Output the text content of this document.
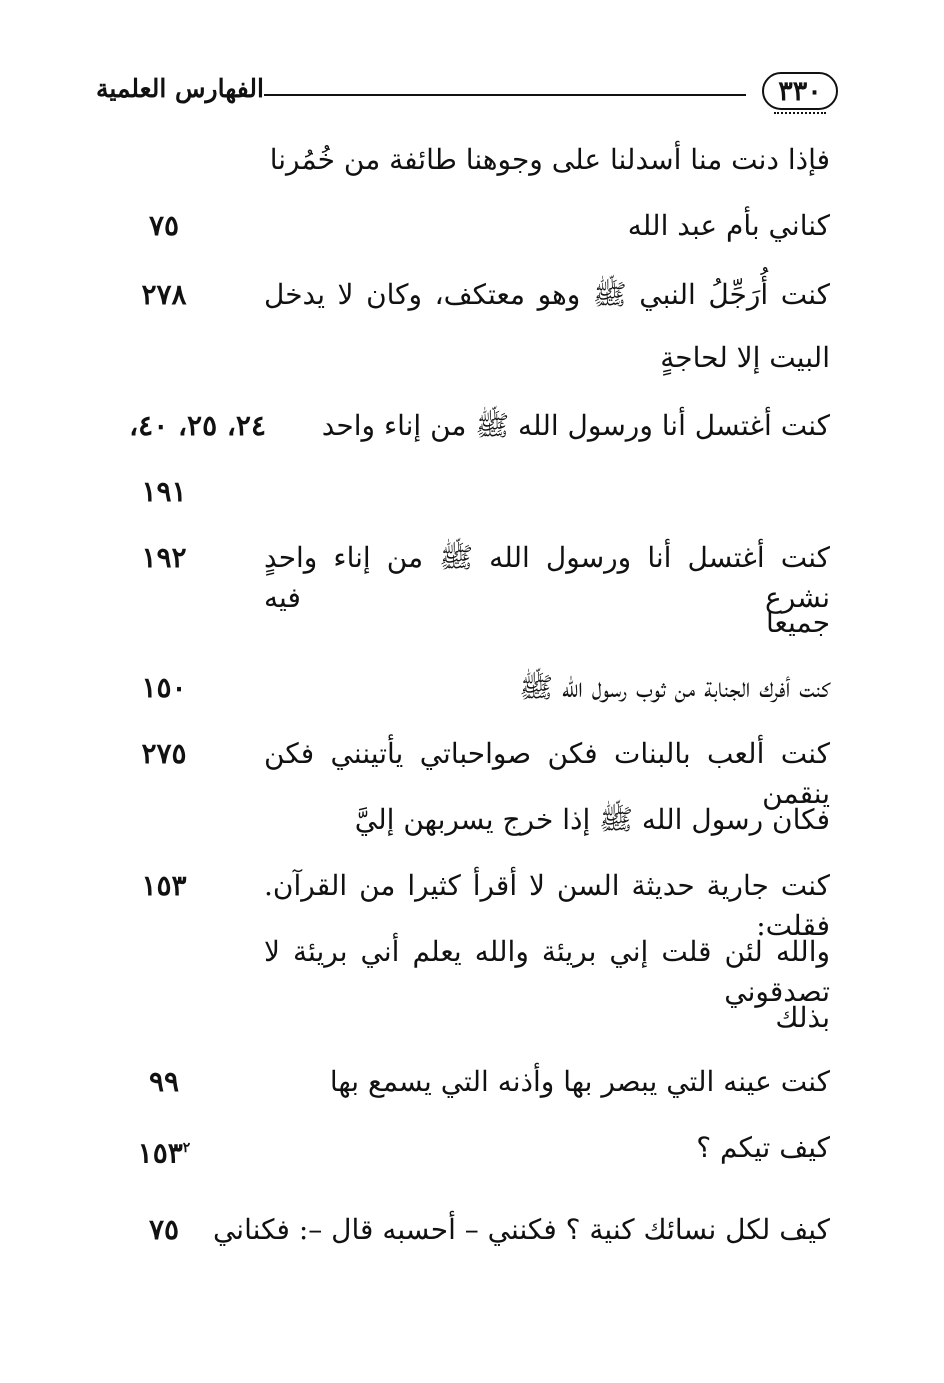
٣٣٠
الفهارس العلمية
فإذا دنت منا أسدلنا على وجوهنا طائفة من خُمُرنا
كناني بأم عبد الله
٧٥
كنت أُرَجِّلُ النبي ﷺ وهو معتكف، وكان لا يدخل
البيت إلا لحاجةٍ
٢٧٨
كنت أغتسل أنا ورسول الله ﷺ من إناء واحد
٢٤، ٢٥، ٤٠،
١٩١
كنت أغتسل أنا ورسول الله ﷺ من إناء واحدٍ نشرع فيه
جميعا
١٩٢
كنت أفرك الجنابة من ثوب رسول الله ﷺ
١٥٠
كنت ألعب بالبنات فكن صواحباتي يأتينني فكن ينقمن
فكان رسول الله ﷺ إذا خرج يسربهن إليَّ
٢٧٥
كنت جارية حديثة السن لا أقرأ كثيرا من القرآن. فقلت:
والله لئن قلت إني بريئة والله يعلم أني بريئة لا تصدقوني
بذلك
١٥٣
كنت عينه التي يبصر بها وأذنه التي يسمع بها
٩٩
كيف تيكم ؟
$١٥٣^٢$
كيف لكل نسائك كنية ؟ فكنني – أحسبه قال –: فكناني
٧٥
